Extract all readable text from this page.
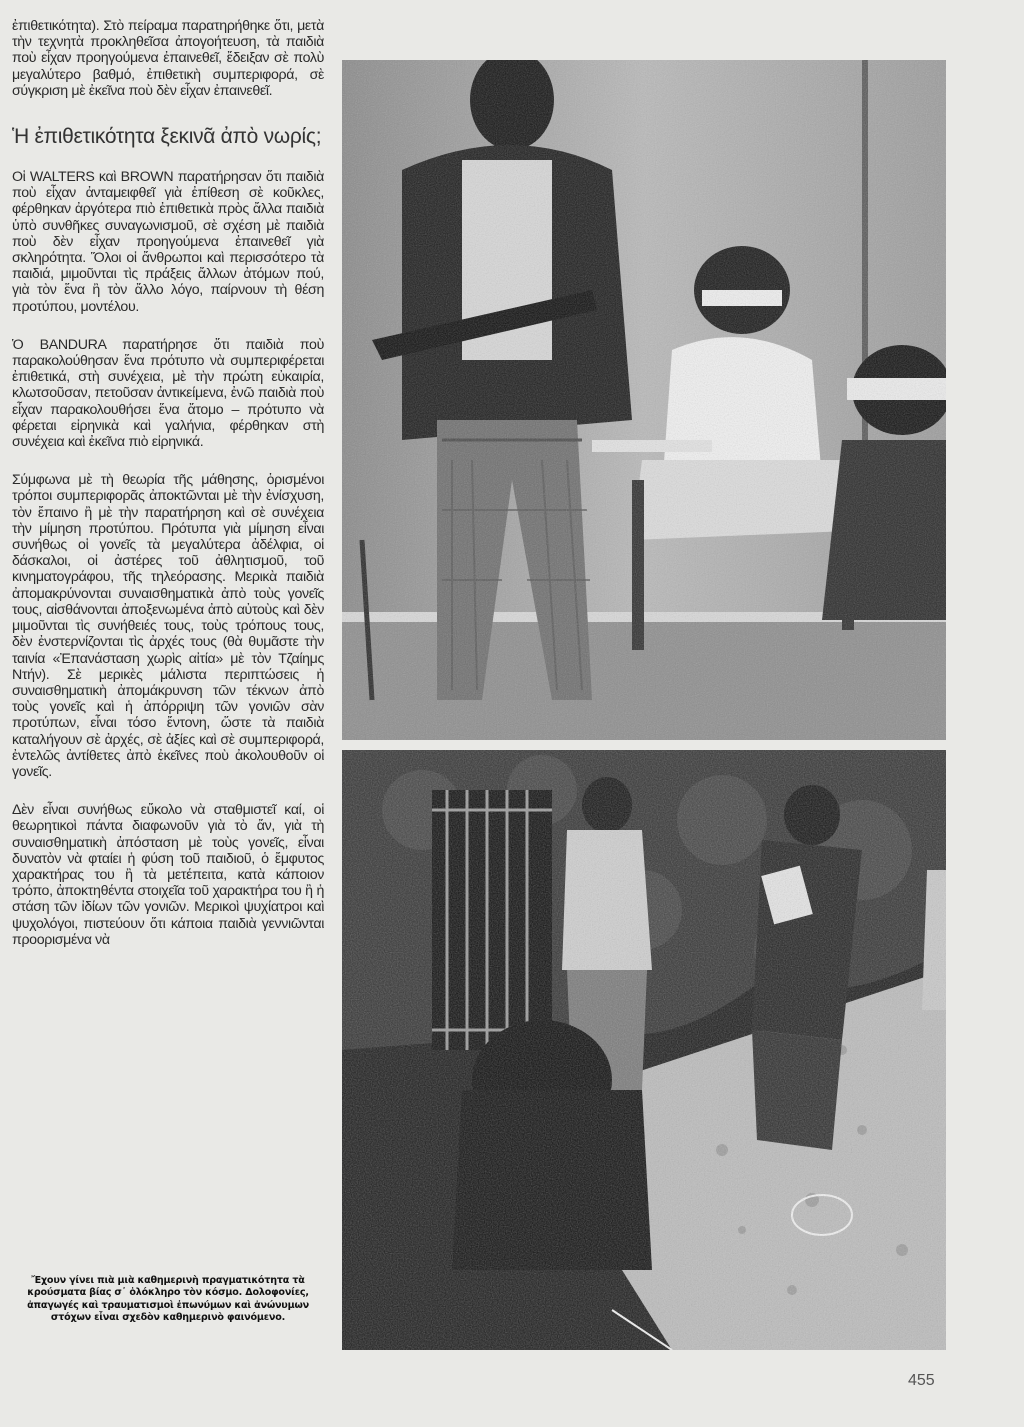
ἐπιθετικότητα). Στὸ πείραμα παρατηρήθηκε ὅτι, μετὰ τὴν τεχνητὰ προκληθεῖσα ἀπογοήτευση, τὰ παιδιὰ ποὺ εἶχαν προηγούμενα ἐπαινεθεῖ, ἔδειξαν σὲ πολὺ μεγαλύτερο βαθμό, ἐπιθετικὴ συμπεριφορά, σὲ σύγκριση μὲ ἐκεῖνα ποὺ δὲν εἶχαν ἐπαινεθεῖ.

Ἡ ἐπιθετικότητα ξεκινᾶ ἀπὸ νωρίς;

Οἱ WALTERS καὶ BROWN παρατήρησαν ὅτι παιδιὰ ποὺ εἶχαν ἀνταμειφθεῖ γιὰ ἐπίθεση σὲ κοῦκλες, φέρθηκαν ἀργότερα πιὸ ἐπιθετικὰ πρὸς ἄλλα παιδιὰ ὑπὸ συνθῆκες συναγωνισμοῦ, σὲ σχέση μὲ παιδιὰ ποὺ δὲν εἶχαν προηγούμενα ἐπαινεθεῖ γιὰ σκληρότητα. Ὅλοι οἱ ἄνθρωποι καὶ περισσότερο τὰ παιδιά, μιμοῦνται τὶς πράξεις ἄλλων ἀτόμων πού, γιὰ τὸν ἕνα ἢ τὸν ἄλλο λόγο, παίρνουν τὴ θέση προτύπου, μοντέλου.

Ὁ BANDURA παρατήρησε ὅτι παιδιὰ ποὺ παρακολούθησαν ἕνα πρότυπο νὰ συμπεριφέρεται ἐπιθετικά, στὴ συνέχεια, μὲ τὴν πρώτη εὐκαιρία, κλωτσοῦσαν, πετοῦσαν ἀντικείμενα, ἐνῶ παιδιὰ ποὺ εἶχαν παρακολουθήσει ἕνα ἄτομο – πρότυπο νὰ φέρεται εἰρηνικὰ καὶ γαλήνια, φέρθηκαν στὴ συνέχεια καὶ ἐκεῖνα πιὸ εἰρηνικά.

Σύμφωνα μὲ τὴ θεωρία τῆς μάθησης, ὁρισμένοι τρόποι συμπεριφορᾶς ἀποκτῶνται μὲ τὴν ἐνίσχυση, τὸν ἔπαινο ἢ μὲ τὴν παρατήρηση καὶ σὲ συνέχεια τὴν μίμηση προτύπου. Πρότυπα γιὰ μίμηση εἶναι συνήθως οἱ γονεῖς τὰ μεγαλύτερα ἀδέλφια, οἱ δάσκαλοι, οἱ ἀστέρες τοῦ ἀθλητισμοῦ, τοῦ κινηματογράφου, τῆς τηλεόρασης. Μερικὰ παιδιὰ ἀπομακρύνονται συναισθηματικὰ ἀπὸ τοὺς γονεῖς τους, αἰσθάνονται ἀποξενωμένα ἀπὸ αὐτοὺς καὶ δὲν μιμοῦνται τὶς συνήθειές τους, τοὺς τρόπους τους, δὲν ἐνστερνίζονται τὶς ἀρχές τους (θὰ θυμᾶστε τὴν ταινία «Ἐπανάσταση χωρὶς αἰτία» μὲ τὸν Τζαίημς Ντήν). Σὲ μερικὲς μάλιστα περιπτώσεις ἡ συναισθηματικὴ ἀπομάκρυνση τῶν τέκνων ἀπὸ τοὺς γονεῖς καὶ ἡ ἀπόρριψη τῶν γονιῶν σὰν προτύπων, εἶναι τόσο ἔντονη, ὥστε τὰ παιδιὰ καταλήγουν σὲ ἀρχές, σὲ ἀξίες καὶ σὲ συμπεριφορά, ἐντελῶς ἀντίθετες ἀπὸ ἐκεῖνες ποὺ ἀκολουθοῦν οἱ γονεῖς.

Δὲν εἶναι συνήθως εὔκολο νὰ σταθμιστεῖ καί, οἱ θεωρητικοὶ πάντα διαφωνοῦν γιὰ τὸ ἄν, γιὰ τὴ συναισθηματικὴ ἀπόσταση μὲ τοὺς γονεῖς, εἶναι δυνατὸν νὰ φταίει ἡ φύση τοῦ παιδιοῦ, ὁ ἔμφυτος χαρακτήρας του ἢ τὰ μετέπειτα, κατὰ κάποιον τρόπο, ἀποκτηθέντα στοιχεῖα τοῦ χαρακτήρα του ἢ ἡ στάση τῶν ἰδίων τῶν γονιῶν. Μερικοὶ ψυχίατροι καὶ ψυχολόγοι, πιστεύουν ὅτι κάποια παιδιὰ γεννιῶνται προορισμένα νὰ

Ἔχουν γίνει πιὰ μιὰ καθημερινὴ πραγματικότητα τὰ κρούσματα βίας σ᾽ ὁλόκληρο τὸν κόσμο. Δολοφονίες, ἀπαγωγές καὶ τραυματισμοὶ ἐπωνύμων καὶ ἀνώνυμων στόχων εἶναι σχεδὸν καθημερινὸ φαινόμενο.
455
